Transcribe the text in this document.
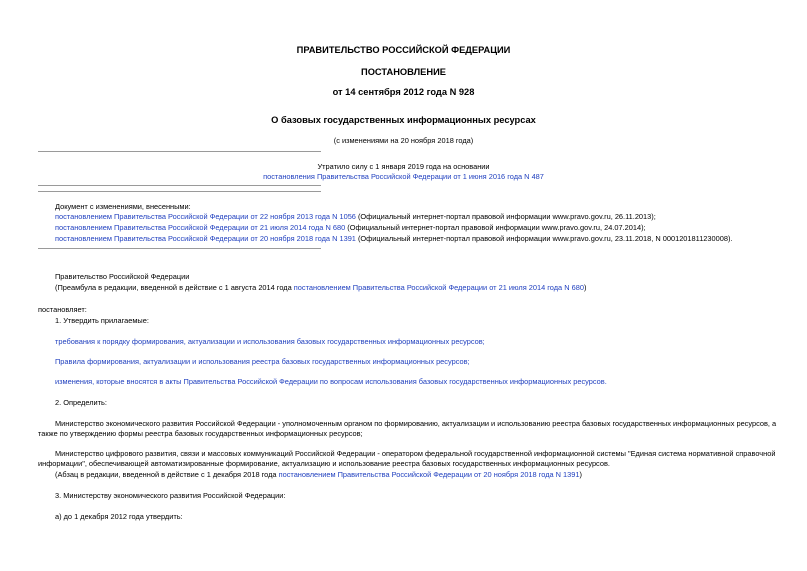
ПРАВИТЕЛЬСТВО РОССИЙСКОЙ ФЕДЕРАЦИИ
ПОСТАНОВЛЕНИЕ
от 14 сентября 2012 года N 928
О базовых государственных информационных ресурсах
(с изменениями на 20 ноября 2018 года)
Утратило силу с 1 января 2019 года на основании
постановления Правительства Российской Федерации от 1 июня 2016 года N 487
Документ с изменениями, внесенными:
постановлением Правительства Российской Федерации от 22 ноября 2013 года N 1056 (Официальный интернет-портал правовой информации www.pravo.gov.ru, 26.11.2013);
постановлением Правительства Российской Федерации от 21 июля 2014 года N 680 (Официальный интернет-портал правовой информации www.pravo.gov.ru, 24.07.2014);
постановлением Правительства Российской Федерации от 20 ноября 2018 года N 1391 (Официальный интернет-портал правовой информации www.pravo.gov.ru, 23.11.2018, N 0001201811230008).
Правительство Российской Федерации
(Преамбула в редакции, введенной в действие с 1 августа 2014 года постановлением Правительства Российской Федерации от 21 июля 2014 года N 680)
постановляет:
1. Утвердить прилагаемые:
требования к порядку формирования, актуализации и использования базовых государственных информационных ресурсов;
Правила формирования, актуализации и использования реестра базовых государственных информационных ресурсов;
изменения, которые вносятся в акты Правительства Российской Федерации по вопросам использования базовых государственных информационных ресурсов.
2. Определить:
Министерство экономического развития Российской Федерации - уполномоченным органом по формированию, актуализации и использованию реестра базовых государственных информационных ресурсов, а
также по утверждению формы реестра базовых государственных информационных ресурсов;
Министерство цифрового развития, связи и массовых коммуникаций Российской Федерации - оператором федеральной государственной информационной системы "Единая система нормативной справочной
информации", обеспечивающей автоматизированные формирование, актуализацию и использование реестра базовых государственных информационных ресурсов.
(Абзац в редакции, введенной в действие с 1 декабря 2018 года постановлением Правительства Российской Федерации от 20 ноября 2018 года N 1391)
3. Министерству экономического развития Российской Федерации:
а) до 1 декабря 2012 года утвердить:
